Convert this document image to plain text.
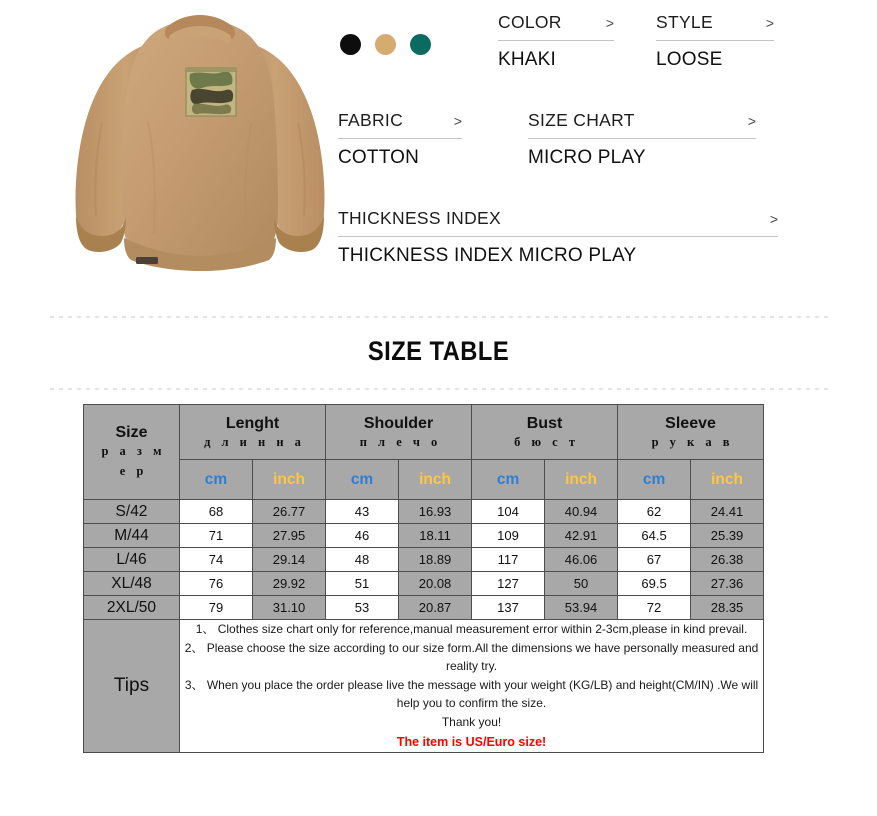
COLOR	>
KHAKI
STYLE	>
LOOSE
FABRIC	>
COTTON
SIZE CHART	>
MICRO PLAY
THICKNESS INDEX	>
THICKNESS INDEX MICRO PLAY
SIZE TABLE
Size
р а з м
е р

Lenght
д л и н н а

Shoulder
п л е ч о

Bust
б ю с т

Sleeve
р у к а в

	cm	inch	cm	inch	cm	inch	cm	inch
S/42	68	26.77	43	16.93	104	40.94	62	24.41
M/44	71	27.95	46	18.11	109	42.91	64.5	25.39
L/46	74	29.14	48	18.89	117	46.06	67	26.38
XL/48	76	29.92	51	20.08	127	50	69.5	27.36
2XL/50	79	31.10	53	20.87	137	53.94	72	28.35
Tips	1、 Clothes size chart only for reference,manual measurement error within 2-3cm,please in kind prevail.
2、 Please choose the size according to our size form.All the dimensions we have personally measured and reality try.
3、 When you place the order please live the message with your weight (KG/LB) and height(CM/IN) .We will help you to confirm the size.
Thank you!
The item is US/Euro size!							
